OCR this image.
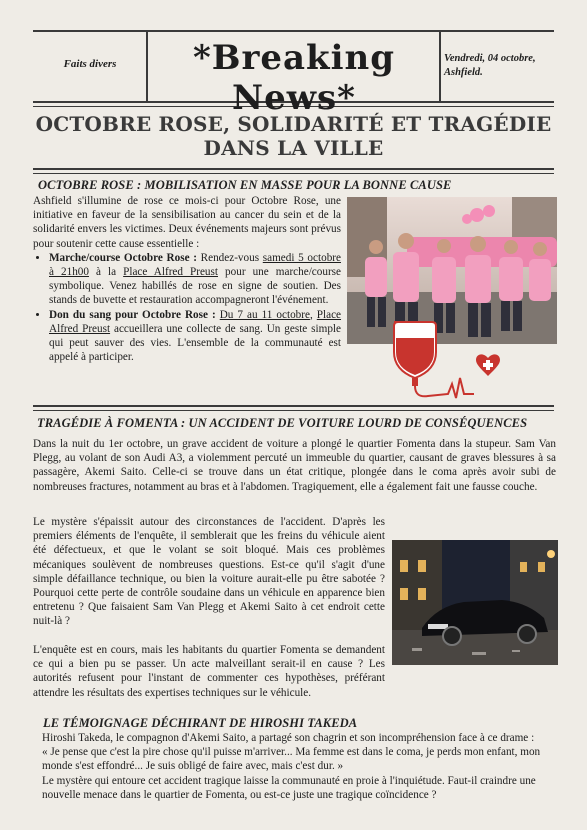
Faits divers	*Breaking News*
Vendredi, 04 octobre,
Ashfield.
OCTOBRE ROSE, SOLIDARITÉ ET TRAGÉDIE DANS LA VILLE
OCTOBRE ROSE : MOBILISATION EN MASSE POUR LA BONNE CAUSE
Ashfield s'illumine de rose ce mois-ci pour Octobre Rose, une initiative en faveur de la sensibilisation au cancer du sein et de la solidarité envers les victimes. Deux événements majeurs sont prévus pour soutenir cette cause essentielle :
• Marche/course Octobre Rose : Rendez-vous samedi 5 octobre à 21h00 à la Place Alfred Preust pour une marche/course symbolique. Venez habillés de rose en signe de soutien. Des stands de buvette et restauration accompagneront l'événement.
• Don du sang pour Octobre Rose : Du 7 au 11 octobre, Place Alfred Preust accueillera une collecte de sang. Un geste simple qui peut sauver des vies. L'ensemble de la communauté est appelé à participer.
TRAGÉDIE À FOMENTA : UN ACCIDENT DE VOITURE LOURD DE CONSÉQUENCES
Dans la nuit du 1er octobre, un grave accident de voiture a plongé le quartier Fomenta dans la stupeur. Sam Van Plegg, au volant de son Audi A3, a violemment percuté un immeuble du quartier, causant de graves blessures à sa passagère, Akemi Saito. Celle-ci se trouve dans un état critique, plongée dans le coma après avoir subi de nombreuses fractures, notamment au bras et à l'abdomen. Tragiquement, elle a également fait une fausse couche.
Le mystère s'épaissit autour des circonstances de l'accident. D'après les premiers éléments de l'enquête, il semblerait que les freins du véhicule aient été défectueux, et que le volant se soit bloqué. Mais ces problèmes mécaniques soulèvent de nombreuses questions. Est-ce qu'il s'agit d'une simple défaillance technique, ou bien la voiture aurait-elle pu être sabotée ? Pourquoi cette perte de contrôle soudaine dans un véhicule en apparence bien entretenu ? Que faisaient Sam Van Plegg et Akemi Saito à cet endroit cette nuit-là ?
L'enquête est en cours, mais les habitants du quartier Fomenta se demandent ce qui a bien pu se passer. Un acte malveillant serait-il en cause ? Les autorités refusent pour l'instant de commenter ces hypothèses, préférant attendre les résultats des expertises techniques sur le véhicule.
LE TÉMOIGNAGE DÉCHIRANT DE HIROSHI TAKEDA
Hiroshi Takeda, le compagnon d'Akemi Saito, a partagé son chagrin et son incompréhension face à ce drame :
« Je pense que c'est la pire chose qu'il puisse m'arriver... Ma femme est dans le coma, je perds mon enfant, mon monde s'est effondré... Je suis obligé de faire avec, mais c'est dur. »
Le mystère qui entoure cet accident tragique laisse la communauté en proie à l'inquiétude. Faut-il craindre une nouvelle menace dans le quartier de Fomenta, ou est-ce juste une tragique coïncidence ?
